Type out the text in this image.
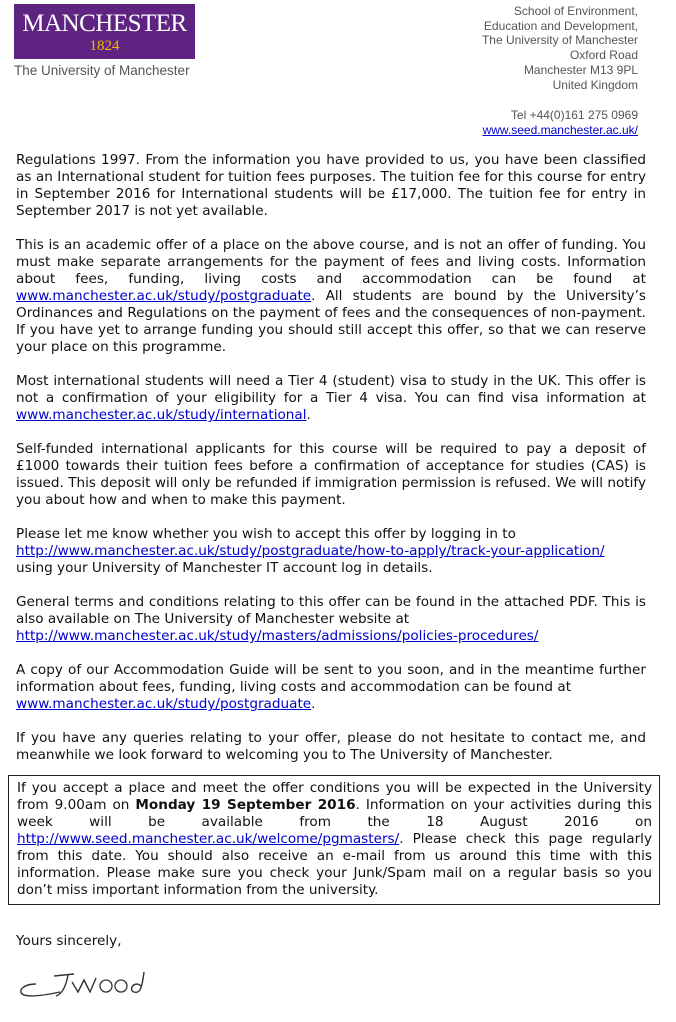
MANCHESTER
1824
The University of Manchester
School of Environment,
Education and Development,
The University of Manchester
Oxford Road
Manchester M13 9PL
United Kingdom
Tel +44(0)161 275 0969
www.seed.manchester.ac.uk/

Regulations 1997. From the information you have provided to us, you have been classified as an International student for tuition fees purposes. The tuition fee for this course for entry in September 2016 for International students will be £17,000. The tuition fee for entry in September 2017 is not yet available.

This is an academic offer of a place on the above course, and is not an offer of funding. You must make separate arrangements for the payment of fees and living costs. Information about fees, funding, living costs and accommodation can be found at www.manchester.ac.uk/study/postgraduate. All students are bound by the University’s Ordinances and Regulations on the payment of fees and the consequences of non-payment. If you have yet to arrange funding you should still accept this offer, so that we can reserve your place on this programme.

Most international students will need a Tier 4 (student) visa to study in the UK. This offer is not a confirmation of your eligibility for a Tier 4 visa. You can find visa information at www.manchester.ac.uk/study/international.

Self-funded international applicants for this course will be required to pay a deposit of £1000 towards their tuition fees before a confirmation of acceptance for studies (CAS) is issued. This deposit will only be refunded if immigration permission is refused. We will notify you about how and when to make this payment.

Please let me know whether you wish to accept this offer by logging in to
http://www.manchester.ac.uk/study/postgraduate/how-to-apply/track-your-application/
using your University of Manchester IT account log in details.

General terms and conditions relating to this offer can be found in the attached PDF. This is also available on The University of Manchester website at
http://www.manchester.ac.uk/study/masters/admissions/policies-procedures/

A copy of our Accommodation Guide will be sent to you soon, and in the meantime further information about fees, funding, living costs and accommodation can be found at
www.manchester.ac.uk/study/postgraduate.

If you have any queries relating to your offer, please do not hesitate to contact me, and meanwhile we look forward to welcoming you to The University of Manchester.

If you accept a place and meet the offer conditions you will be expected in the University from 9.00am on Monday 19 September 2016. Information on your activities during this week will be available from the 18 August 2016 on http://www.seed.manchester.ac.uk/welcome/pgmasters/. Please check this page regularly from this date. You should also receive an e-mail from us around this time with this information. Please make sure you check your Junk/Spam mail on a regular basis so you don’t miss important information from the university.
Yours sincerely,
